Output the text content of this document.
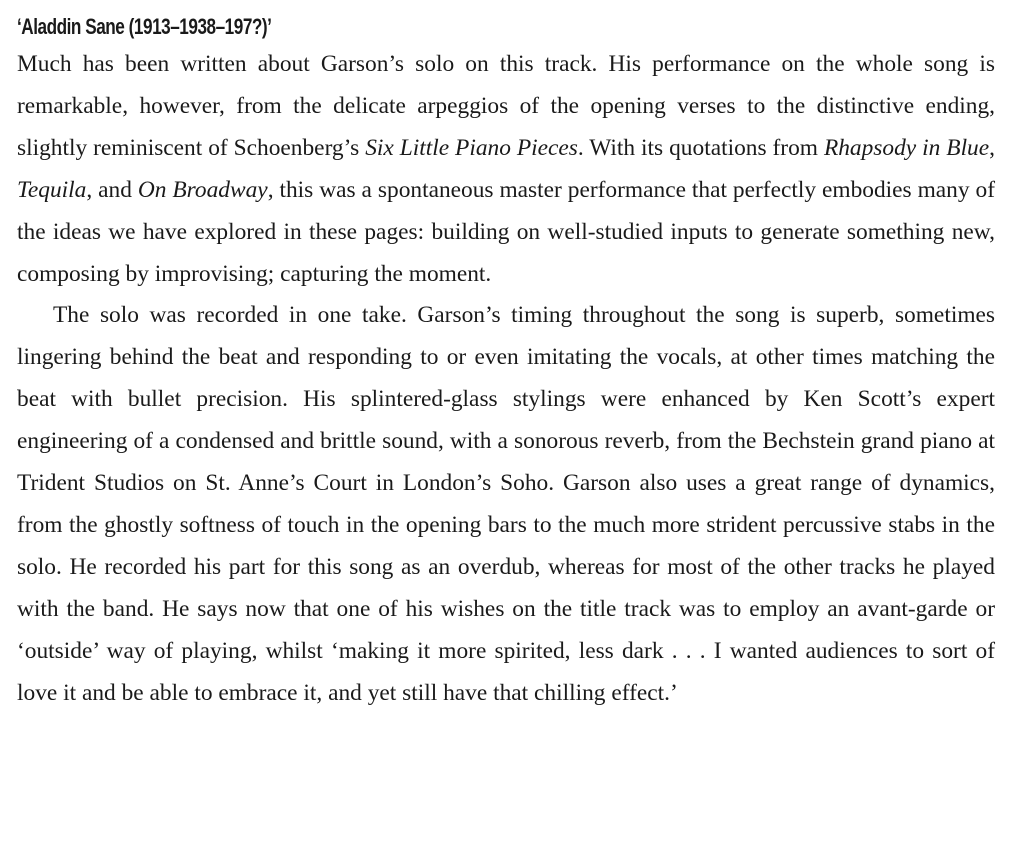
‘Aladdin Sane (1913–1938–197?)’

Much has been written about Garson’s solo on this track. His performance on the whole song is remarkable, however, from the delicate arpeggios of the opening verses to the distinctive ending, slightly reminiscent of Schoenberg’s Six Little Piano Pieces. With its quotations from Rhapsody in Blue, Tequila, and On Broadway, this was a spontaneous master performance that perfectly embodies many of the ideas we have explored in these pages: building on well-studied inputs to generate something new, composing by improvising; capturing the moment.

The solo was recorded in one take. Garson’s timing throughout the song is superb, sometimes lingering behind the beat and responding to or even imitating the vocals, at other times matching the beat with bullet precision. His splintered-glass stylings were enhanced by Ken Scott’s expert engineering of a condensed and brittle sound, with a sonorous reverb, from the Bechstein grand piano at Trident Studios on St. Anne’s Court in London’s Soho. Garson also uses a great range of dynamics, from the ghostly softness of touch in the opening bars to the much more strident percussive stabs in the solo. He recorded his part for this song as an overdub, whereas for most of the other tracks he played with the band. He says now that one of his wishes on the title track was to employ an avant-garde or ‘outside’ way of playing, whilst ‘making it more spirited, less dark . . . I wanted audiences to sort of love it and be able to embrace it, and yet still have that chilling effect.’
